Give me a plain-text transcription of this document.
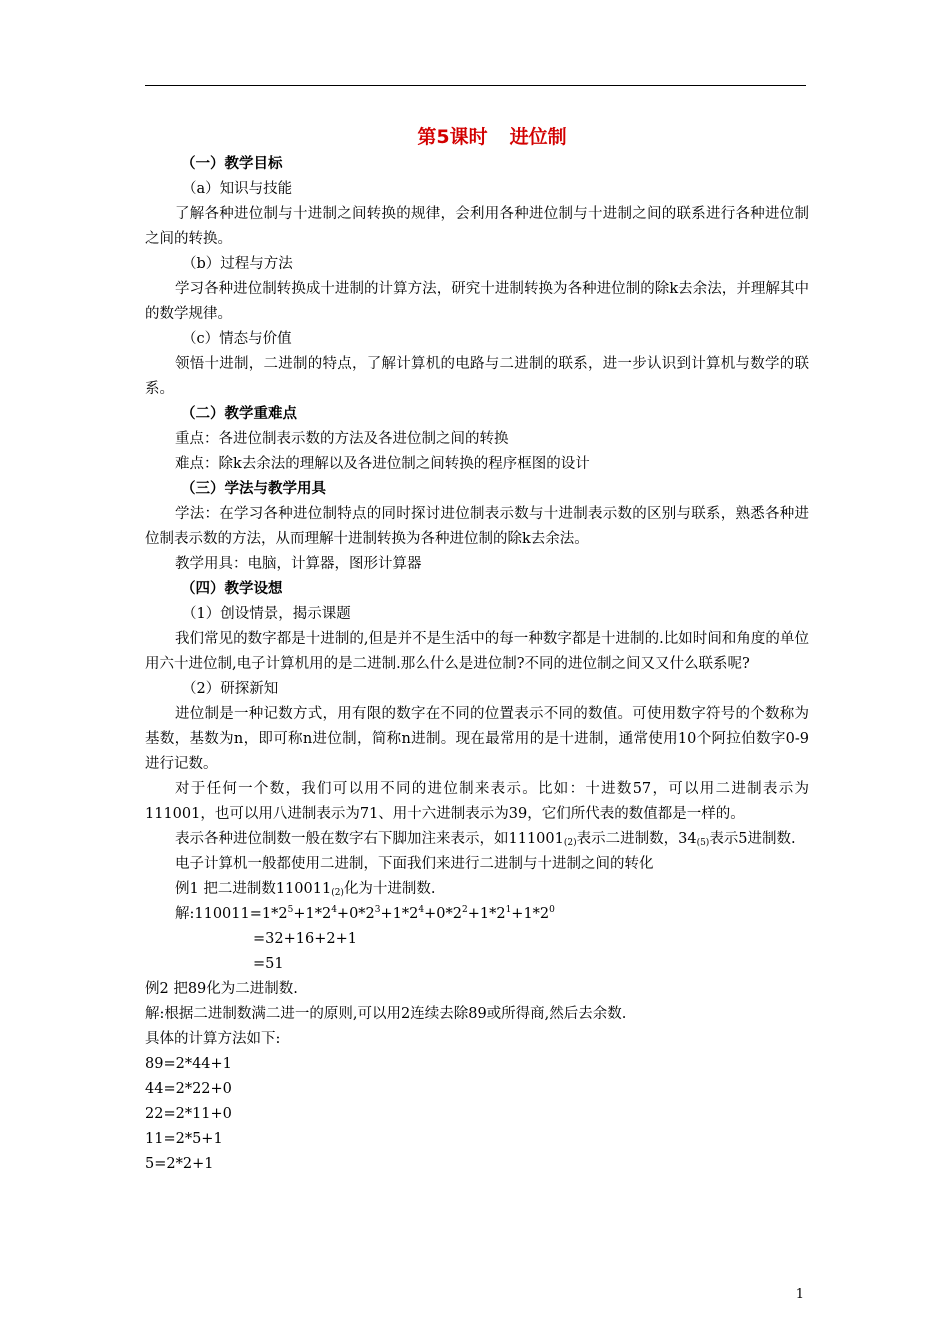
第5课时 进位制
（一）教学目标
（a）知识与技能
了解各种进位制与十进制之间转换的规律，会利用各种进位制与十进制之间的联系进行各种进位制之间的转换。
（b）过程与方法
学习各种进位制转换成十进制的计算方法，研究十进制转换为各种进位制的除k去余法，并理解其中的数学规律。
（c）情态与价值
领悟十进制，二进制的特点，了解计算机的电路与二进制的联系，进一步认识到计算机与数学的联系。
（二）教学重难点
重点：各进位制表示数的方法及各进位制之间的转换
难点：除k去余法的理解以及各进位制之间转换的程序框图的设计
（三）学法与教学用具
学法：在学习各种进位制特点的同时探讨进位制表示数与十进制表示数的区别与联系，熟悉各种进位制表示数的方法，从而理解十进制转换为各种进位制的除k去余法。
教学用具：电脑，计算器，图形计算器
（四）教学设想
（1）创设情景，揭示课题
我们常见的数字都是十进制的,但是并不是生活中的每一种数字都是十进制的.比如时间和角度的单位用六十进位制,电子计算机用的是二进制.那么什么是进位制?不同的进位制之间又又什么联系呢?
（2）研探新知
进位制是一种记数方式，用有限的数字在不同的位置表示不同的数值。可使用数字符号的个数称为基数，基数为n，即可称n进位制，简称n进制。现在最常用的是十进制，通常使用10个阿拉伯数字0-9进行记数。
对于任何一个数，我们可以用不同的进位制来表示。比如：十进数57，可以用二进制表示为111001，也可以用八进制表示为71、用十六进制表示为39，它们所代表的数值都是一样的。
表示各种进位制数一般在数字右下脚加注来表示，如$111001_{(2)}$表示二进制数，$34_{(5)}$表示5进制数.
电子计算机一般都使用二进制，下面我们来进行二进制与十进制之间的转化
例1 把二进制数$110011_{(2)}$化为十进制数.
解$:110011=1*2^5+1*2^4+0*2^3+1*2^4+0*2^2+1*2^1+1*2^0$
=32+16+2+1
=51
例2 把89化为二进制数.
解:根据二进制数满二进一的原则,可以用2连续去除89或所得商,然后去余数.
具体的计算方法如下:
89=2*44+1
44=2*22+0
22=2*11+0
11=2*5+1
5=2*2+1
1
